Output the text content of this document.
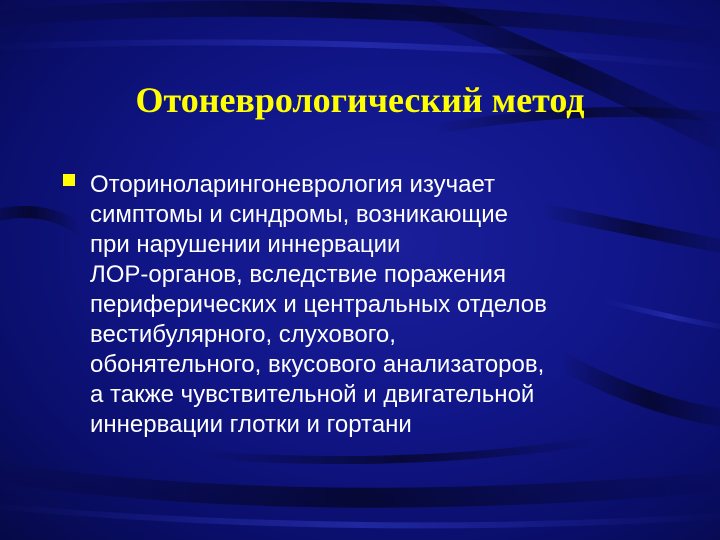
Отоневрологический метод
Оториноларингоневрология изучает
симптомы и синдромы, возникающие
при нарушении иннервации
ЛОР-органов, вследствие поражения
периферических и центральных отделов
вестибулярного, слухового,
обонятельного, вкусового анализаторов,
а также чувствительной и двигательной
иннервации глотки и гортани
